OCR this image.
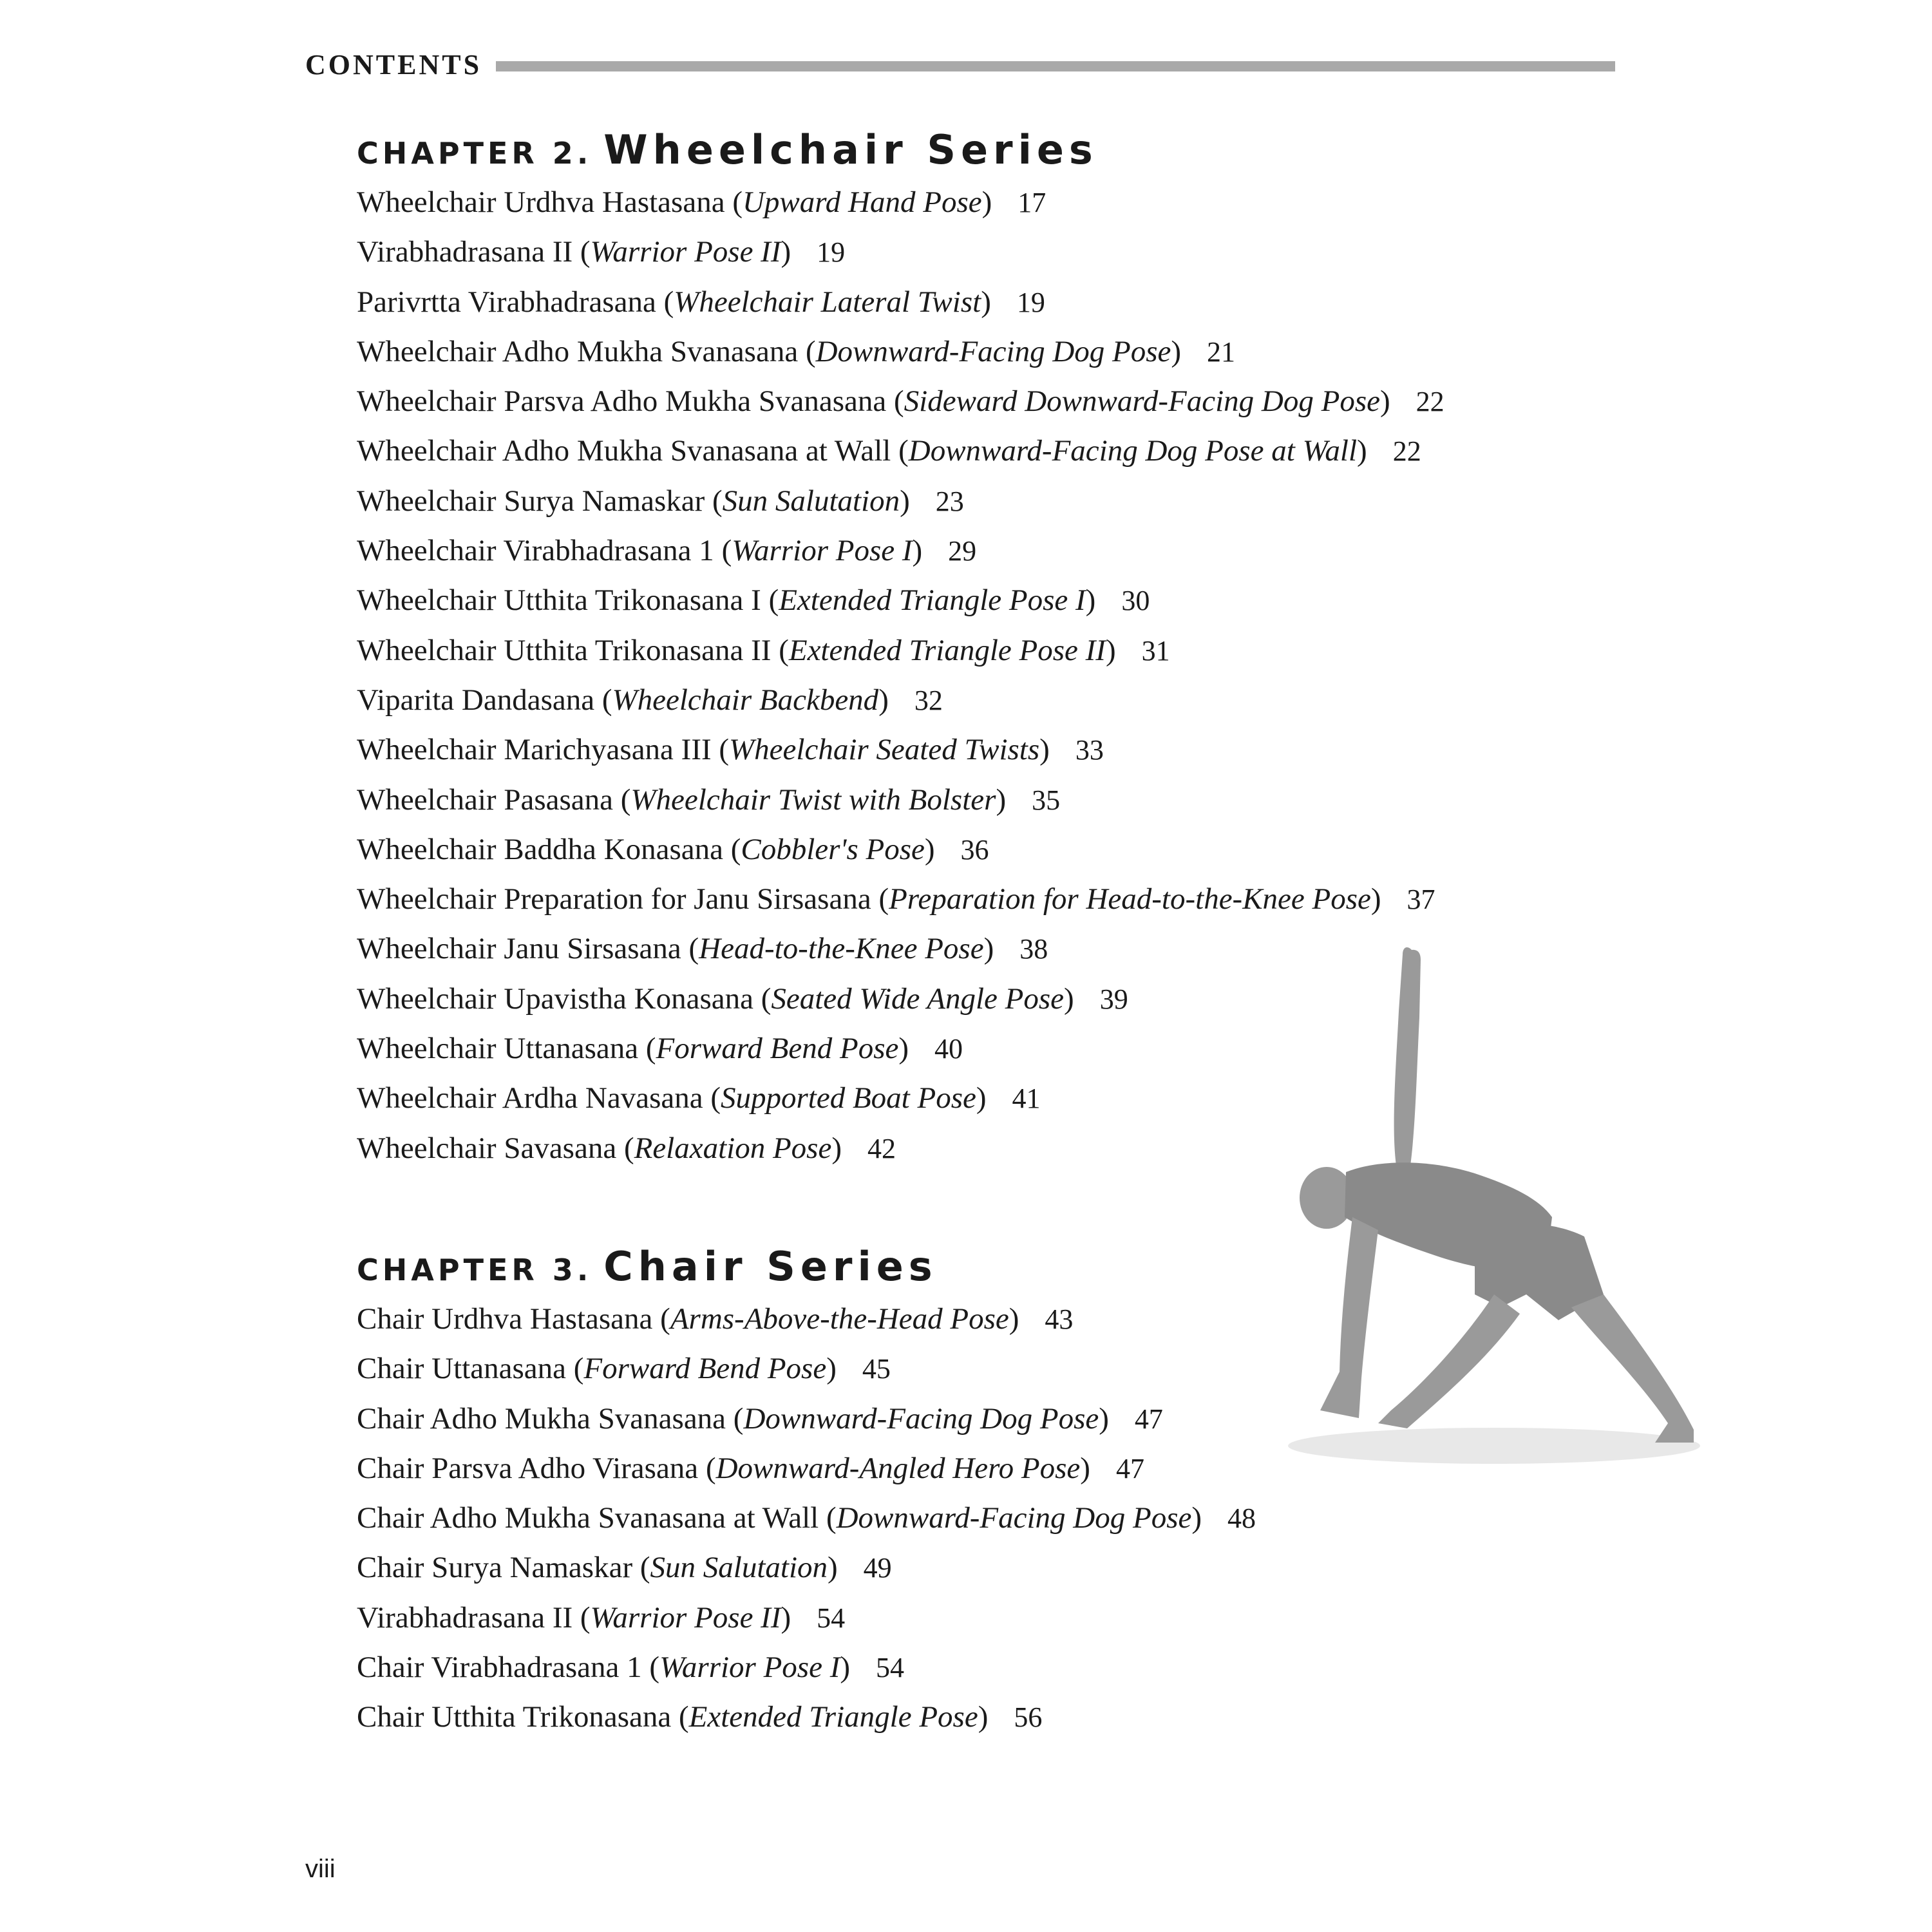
CONTENTS
CHAPTER 2. Wheelchair Series
Wheelchair Urdhva Hastasana (Upward Hand Pose) 17
Virabhadrasana II (Warrior Pose II) 19
Parivrtta Virabhadrasana (Wheelchair Lateral Twist) 19
Wheelchair Adho Mukha Svanasana (Downward-Facing Dog Pose) 21
Wheelchair Parsva Adho Mukha Svanasana (Sideward Downward-Facing Dog Pose) 22
Wheelchair Adho Mukha Svanasana at Wall (Downward-Facing Dog Pose at Wall) 22
Wheelchair Surya Namaskar (Sun Salutation) 23
Wheelchair Virabhadrasana 1 (Warrior Pose I) 29
Wheelchair Utthita Trikonasana I (Extended Triangle Pose I) 30
Wheelchair Utthita Trikonasana II (Extended Triangle Pose II) 31
Viparita Dandasana (Wheelchair Backbend) 32
Wheelchair Marichyasana III (Wheelchair Seated Twists) 33
Wheelchair Pasasana (Wheelchair Twist with Bolster) 35
Wheelchair Baddha Konasana (Cobbler's Pose) 36
Wheelchair Preparation for Janu Sirsasana (Preparation for Head-to-the-Knee Pose) 37
Wheelchair Janu Sirsasana (Head-to-the-Knee Pose) 38
Wheelchair Upavistha Konasana (Seated Wide Angle Pose) 39
Wheelchair Uttanasana (Forward Bend Pose) 40
Wheelchair Ardha Navasana (Supported Boat Pose) 41
Wheelchair Savasana (Relaxation Pose) 42
CHAPTER 3. Chair Series
Chair Urdhva Hastasana (Arms-Above-the-Head Pose) 43
Chair Uttanasana (Forward Bend Pose) 45
Chair Adho Mukha Svanasana (Downward-Facing Dog Pose) 47
Chair Parsva Adho Virasana (Downward-Angled Hero Pose) 47
Chair Adho Mukha Svanasana at Wall (Downward-Facing Dog Pose) 48
Chair Surya Namaskar (Sun Salutation) 49
Virabhadrasana II (Warrior Pose II) 54
Chair Virabhadrasana 1 (Warrior Pose I) 54
Chair Utthita Trikonasana (Extended Triangle Pose) 56
viii
